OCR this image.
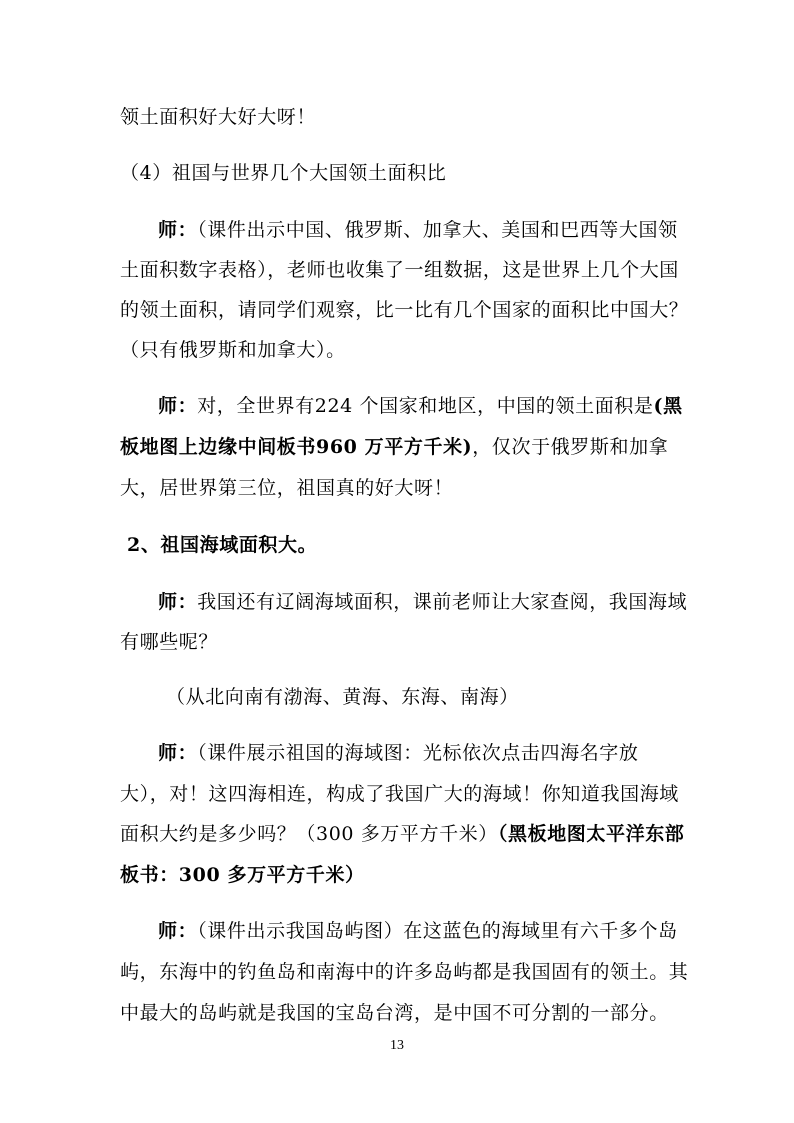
领土面积好大好大呀！
（4）祖国与世界几个大国领土面积比
师：（课件出示中国、俄罗斯、加拿大、美国和巴西等大国领
土面积数字表格），老师也收集了一组数据，这是世界上几个大国
的领土面积，请同学们观察，比一比有几个国家的面积比中国大？
（只有俄罗斯和加拿大）。
师：对，全世界有224 个国家和地区，中国的领土面积是(黑
板地图上边缘中间板书960 万平方千米)，仅次于俄罗斯和加拿
大，居世界第三位，祖国真的好大呀！
2、祖国海域面积大。
师：我国还有辽阔海域面积，课前老师让大家查阅，我国海域
有哪些呢？
（从北向南有渤海、黄海、东海、南海）
师：（课件展示祖国的海域图：光标依次点击四海名字放
大），对！这四海相连，构成了我国广大的海域！你知道我国海域
面积大约是多少吗？（300 多万平方千米）（黑板地图太平洋东部
板书：300 多万平方千米）
师：（课件出示我国岛屿图）在这蓝色的海域里有六千多个岛
屿，东海中的钓鱼岛和南海中的许多岛屿都是我国固有的领土。其
中最大的岛屿就是我国的宝岛台湾，是中国不可分割的一部分。
13
